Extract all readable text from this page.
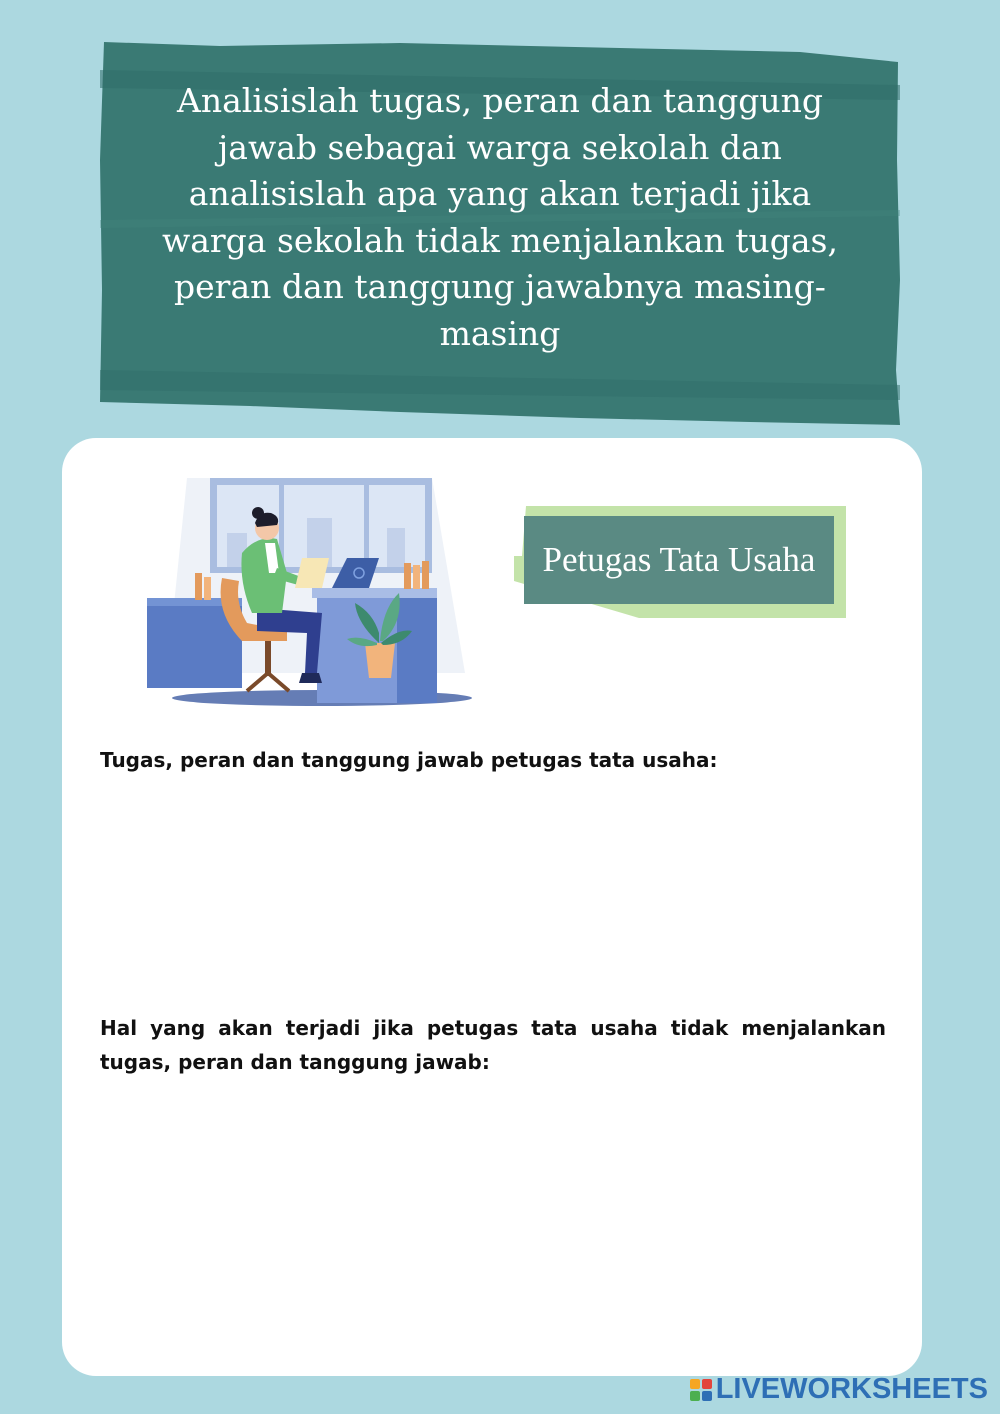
Analisislah tugas, peran dan tanggung jawab sebagai warga sekolah dan analisislah apa yang akan terjadi jika warga sekolah tidak menjalankan tugas, peran dan tanggung jawabnya masing-masing
Petugas Tata Usaha

Tugas, peran dan tanggung jawab petugas tata usaha:

Hal yang akan terjadi jika petugas tata usaha tidak menjalankan tugas, peran dan tanggung jawab:

LIVEWORKSHEETS
